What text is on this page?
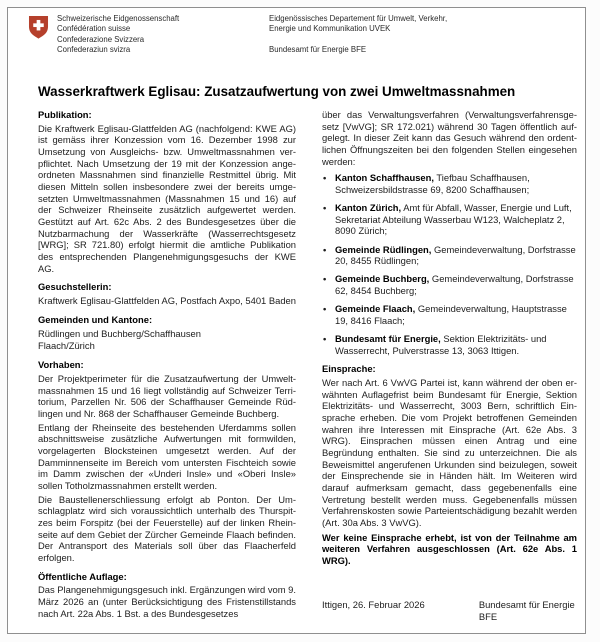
Schweizerische Eidgenossenschaft
Confédération suisse
Confederazione Svizzera
Confederaziun svizra
Eidgenössisches Departement für Umwelt, Verkehr,
Energie und Kommunikation UVEK
Bundesamt für Energie BFE
Wasserkraftwerk Eglisau: Zusatzaufwertung von zwei Umweltmassnahmen
Publikation:

Die Kraftwerk Eglisau-Glattfelden AG (nachfolgend: KWE AG) ist gemäss ihrer Konzession vom 16. Dezember 1998 zur Umsetzung von Ausgleichs- bzw. Umweltmassnahmen verpflichtet. Nach Umsetzung der 19 mit der Konzession angeordneten Massnahmen sind finanzielle Restmittel übrig. Mit diesen Mitteln sollen insbesondere zwei der bereits umgesetzten Umweltmassnahmen (Massnahmen 15 und 16) auf der Schweizer Rheinseite zusätzlich aufgewertet werden. Gestützt auf Art. 62c Abs. 2 des Bundesgesetzes über die Nutzbarmachung der Wasserkräfte (Wasserrechtsgesetz [WRG]; SR 721.80) erfolgt hiermit die amtliche Publikation des entsprechenden Plangenehmigungsgesuchs der KWE AG.

Gesuchstellerin:

Kraftwerk Eglisau-Glattfelden AG, Postfach Axpo, 5401 Baden

Gemeinden und Kantone:

Rüdlingen und Buchberg/Schaffhausen

Flaach/Zürich

Vorhaben:

Der Projektperimeter für die Zusatzaufwertung der Umweltmassnahmen 15 und 16 liegt vollständig auf Schweizer Territorium, Parzellen Nr. 506 der Schaffhauser Gemeinde Rüdlingen und Nr. 868 der Schaffhauser Gemeinde Buchberg.

Entlang der Rheinseite des bestehenden Uferdamms sollen abschnittsweise zusätzliche Aufwertungen mit formwilden, vorgelagerten Blocksteinen umgesetzt werden. Auf der Damminnenseite im Bereich vom untersten Fischteich sowie im Damm zwischen der «Underi Insle» und «Oberi Insle» sollen Totholzmassnahmen erstellt werden.

Die Baustellenerschliessung erfolgt ab Ponton. Der Umschlagplatz wird sich voraussichtlich unterhalb des Thurspitzes beim Forspitz (bei der Feuerstelle) auf der linken Rheinseite auf dem Gebiet der Zürcher Gemeinde Flaach befinden. Der Antransport des Materials soll über das Flaacherfeld erfolgen.

Öffentliche Auflage:

Das Plangenehmigungsgesuch inkl. Ergänzungen wird vom 9. März 2026 an (unter Berücksichtigung des Fristenstillstands nach Art. 22a Abs. 1 Bst. a des Bundesgesetzes

über das Verwaltungsverfahren (Verwaltungsverfahrensgesetz [VwVG]; SR 172.021) während 30 Tagen öffentlich aufgelegt. In dieser Zeit kann das Gesuch während den ordentlichen Öffnungszeiten bei den folgenden Stellen eingesehen werden:

• Kanton Schaffhausen, Tiefbau Schaffhausen, Schweizersbildstrasse 69, 8200 Schaffhausen;
• Kanton Zürich, Amt für Abfall, Wasser, Energie und Luft, Sekretariat Abteilung Wasserbau W123, Walcheplatz 2, 8090 Zürich;
• Gemeinde Rüdlingen, Gemeindeverwaltung, Dorfstrasse 20, 8455 Rüdlingen;
• Gemeinde Buchberg, Gemeindeverwaltung, Dorfstrasse 62, 8454 Buchberg;
• Gemeinde Flaach, Gemeindeverwaltung, Hauptstrasse 19, 8416 Flaach;
• Bundesamt für Energie, Sektion Elektrizitäts- und Wasserrecht, Pulverstrasse 13, 3063 Ittigen.
Einsprache:

Wer nach Art. 6 VwVG Partei ist, kann während der oben erwähnten Auflagefrist beim Bundesamt für Energie, Sektion Elektrizitäts- und Wasserrecht, 3003 Bern, schriftlich Einsprache erheben. Die vom Projekt betroffenen Gemeinden wahren ihre Interessen mit Einsprache (Art. 62e Abs. 3 WRG). Einsprachen müssen einen Antrag und eine Begründung enthalten. Sie sind zu unterzeichnen. Die als Beweismittel angerufenen Urkunden sind beizulegen, soweit der Einsprechende sie in Händen hält. Im Weiteren wird darauf aufmerksam gemacht, dass gegebenenfalls eine Vertretung bestellt werden muss. Gegebenenfalls müssen Verfahrenskosten sowie Parteientschädigung bezahlt werden (Art. 30a Abs. 3 VwVG).

Wer keine Einsprache erhebt, ist von der Teilnahme am weiteren Verfahren ausgeschlossen (Art. 62e Abs. 1 WRG).

Ittigen, 26. Februar 2026	Bundesamt für Energie BFE
